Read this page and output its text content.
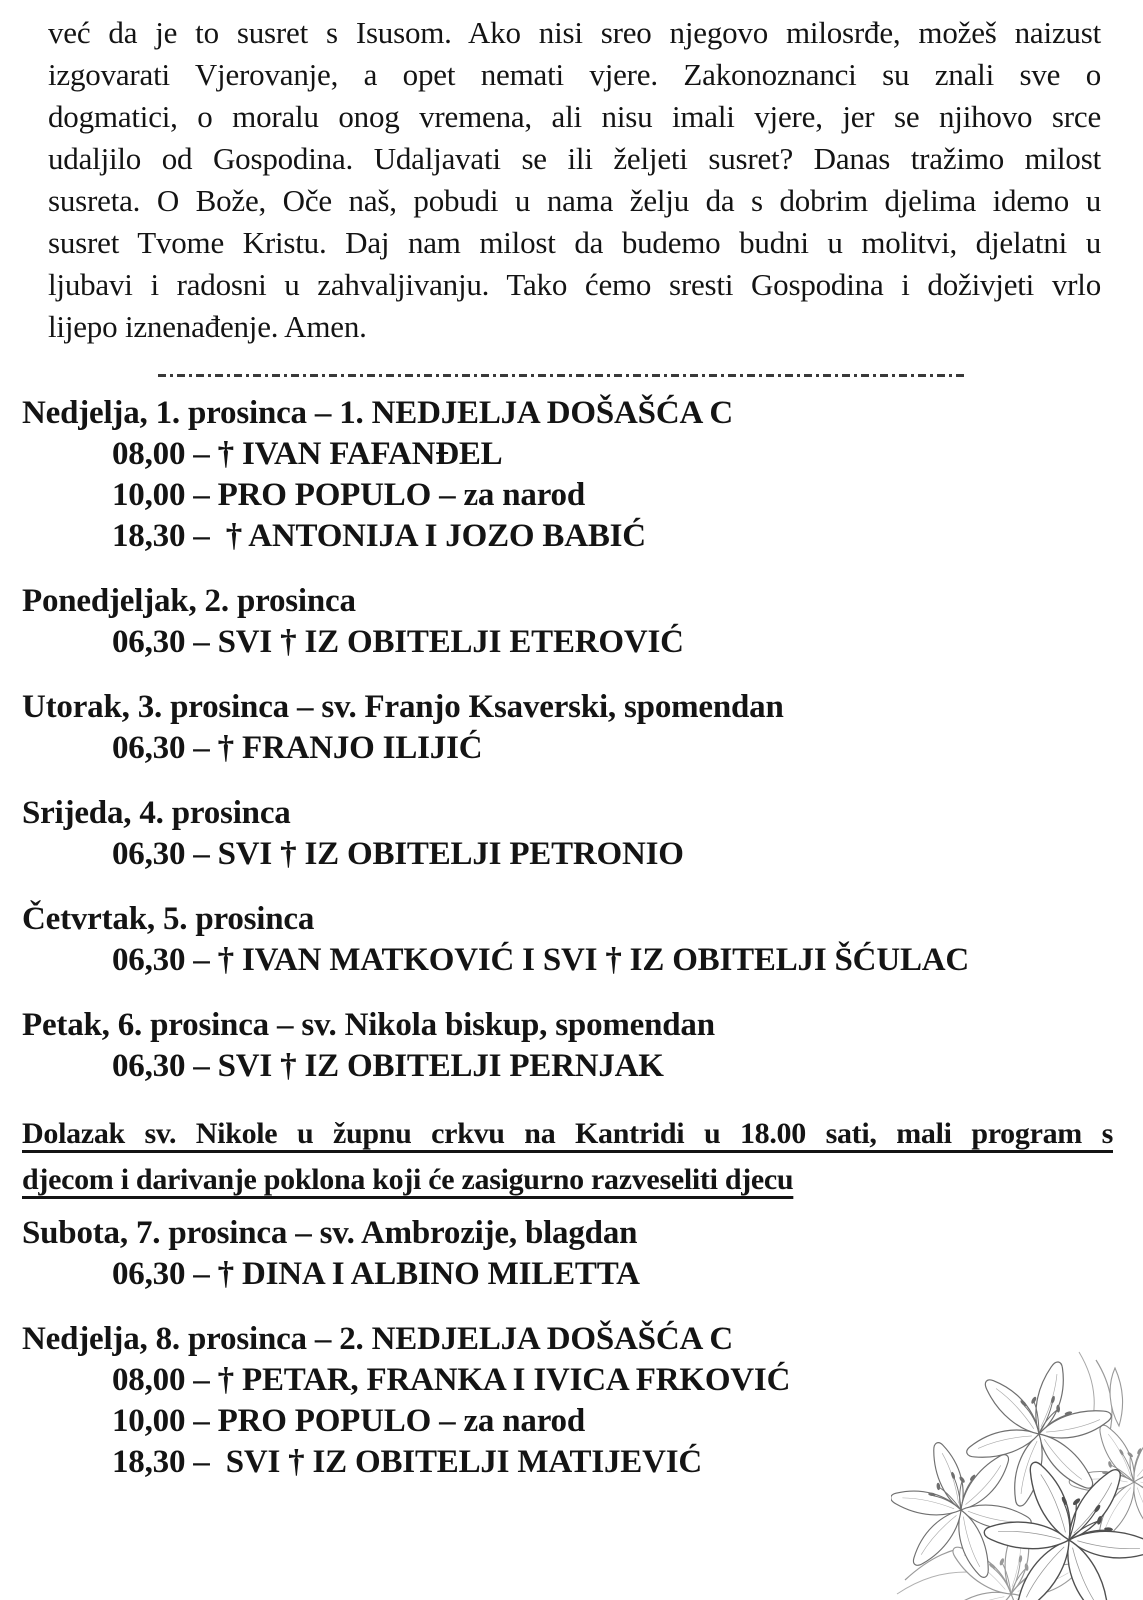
već da je to susret s Isusom. Ako nisi sreo njegovo milosrđe, možeš naizust
izgovarati Vjerovanje, a opet nemati vjere. Zakonoznanci su znali sve o
dogmatici, o moralu onog vremena, ali nisu imali vjere, jer se njihovo srce
udaljilo od Gospodina. Udaljavati se ili željeti susret? Danas tražimo milost
susreta. O Bože, Oče naš, pobudi u nama želju da s dobrim djelima idemo u
susret Tvome Kristu. Daj nam milost da budemo budni u molitvi, djelatni u
ljubavi i radosni u zahvaljivanju. Tako ćemo sresti Gospodina i doživjeti vrlo
lijepo iznenađenje. Amen.
Nedjelja, 1. prosinca – 1. NEDJELJA DOŠAŠĆA C
08,00 – † IVAN FAFANĐEL
10,00 – PRO POPULO – za narod
18,30 –  † ANTONIJA I JOZO BABIĆ
Ponedjeljak, 2. prosinca
06,30 – SVI † IZ OBITELJI ETEROVIĆ
Utorak, 3. prosinca – sv. Franjo Ksaverski, spomendan
06,30 – † FRANJO ILIJIĆ
Srijeda, 4. prosinca
06,30 – SVI † IZ OBITELJI PETRONIO
Četvrtak, 5. prosinca
06,30 – † IVAN MATKOVIĆ I SVI † IZ OBITELJI ŠĆULAC
Petak, 6. prosinca – sv. Nikola biskup, spomendan
06,30 – SVI † IZ OBITELJI PERNJAK
Dolazak sv. Nikole u župnu crkvu na Kantridi u 18.00 sati, mali program s
djecom i darivanje poklona koji će zasigurno razveseliti djecu
Subota, 7. prosinca – sv. Ambrozije, blagdan
06,30 – † DINA I ALBINO MILETTA
Nedjelja, 8. prosinca – 2. NEDJELJA DOŠAŠĆA C
08,00 – † PETAR, FRANKA I IVICA FRKOVIĆ
10,00 – PRO POPULO – za narod
18,30 –  SVI † IZ OBITELJI MATIJEVIĆ
